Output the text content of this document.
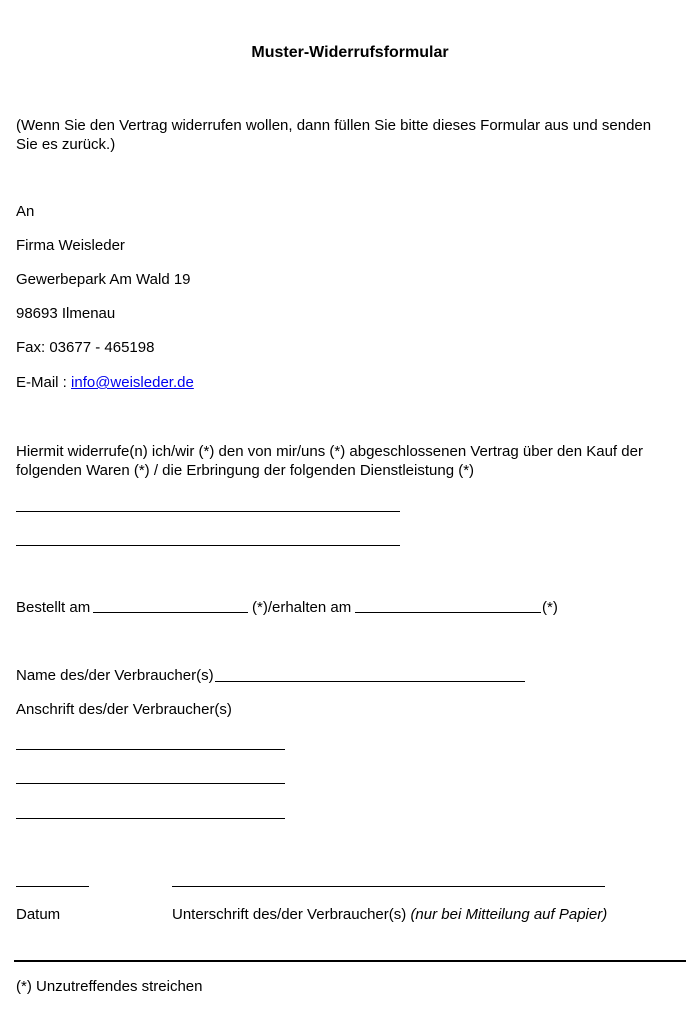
Muster-Widerrufsformular
(Wenn Sie den Vertrag widerrufen wollen, dann füllen Sie bitte dieses Formular aus und senden Sie es zurück.)
An
Firma Weisleder
Gewerbepark Am Wald 19
98693 Ilmenau
Fax: 03677 - 465198
E-Mail : info@weisleder.de
Hiermit widerrufe(n) ich/wir (*) den von mir/uns (*) abgeschlossenen Vertrag über den Kauf der folgenden Waren (*) / die Erbringung der folgenden Dienstleistung (*)
Bestellt am	(*)/erhalten am	(*)
Name des/der Verbraucher(s)
Anschrift des/der Verbraucher(s)
Datum	Unterschrift des/der Verbraucher(s) (nur bei Mitteilung auf Papier)
(*) Unzutreffendes streichen
